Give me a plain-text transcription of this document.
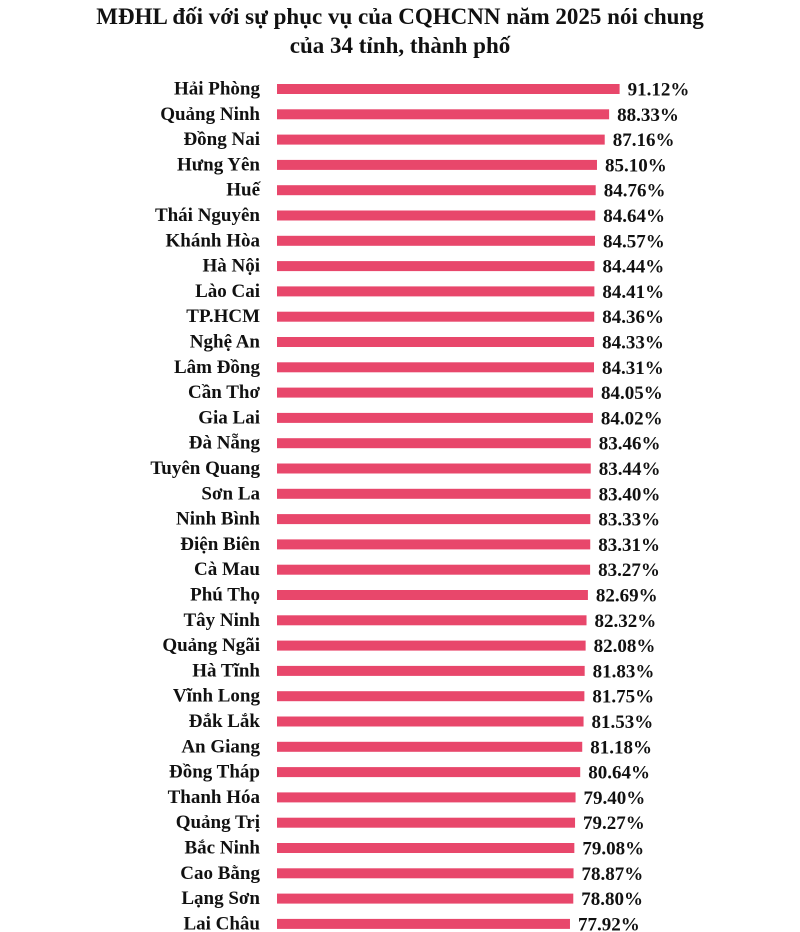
Hải Phòng	91.12%
Quảng Ninh	88.33%
Đồng Nai	87.16%
Hưng Yên	85.10%
Huế	84.76%
Thái Nguyên	84.64%
Khánh Hòa	84.57%
Hà Nội	84.44%
Lào Cai	84.41%
TP.HCM	84.36%
Nghệ An	84.33%
Lâm Đồng	84.31%
Cần Thơ	84.05%
Gia Lai	84.02%
Đà Nẵng	83.46%
Tuyên Quang	83.44%
Sơn La	83.40%
Ninh Bình	83.33%
Điện Biên	83.31%
Cà Mau	83.27%
Phú Thọ	82.69%
Tây Ninh	82.32%
Quảng Ngãi	82.08%
Hà Tĩnh	81.83%
Vĩnh Long	81.75%
Đắk Lắk	81.53%
An Giang	81.18%
Đồng Tháp	80.64%
Thanh Hóa	79.40%
Quảng Trị	79.27%
Bắc Ninh	79.08%
Cao Bằng	78.87%
Lạng Sơn	78.80%
Lai Châu	77.92%
MĐHL đối với sự phục vụ của CQHCNN năm 2025 nói chung
của 34 tỉnh, thành phố
